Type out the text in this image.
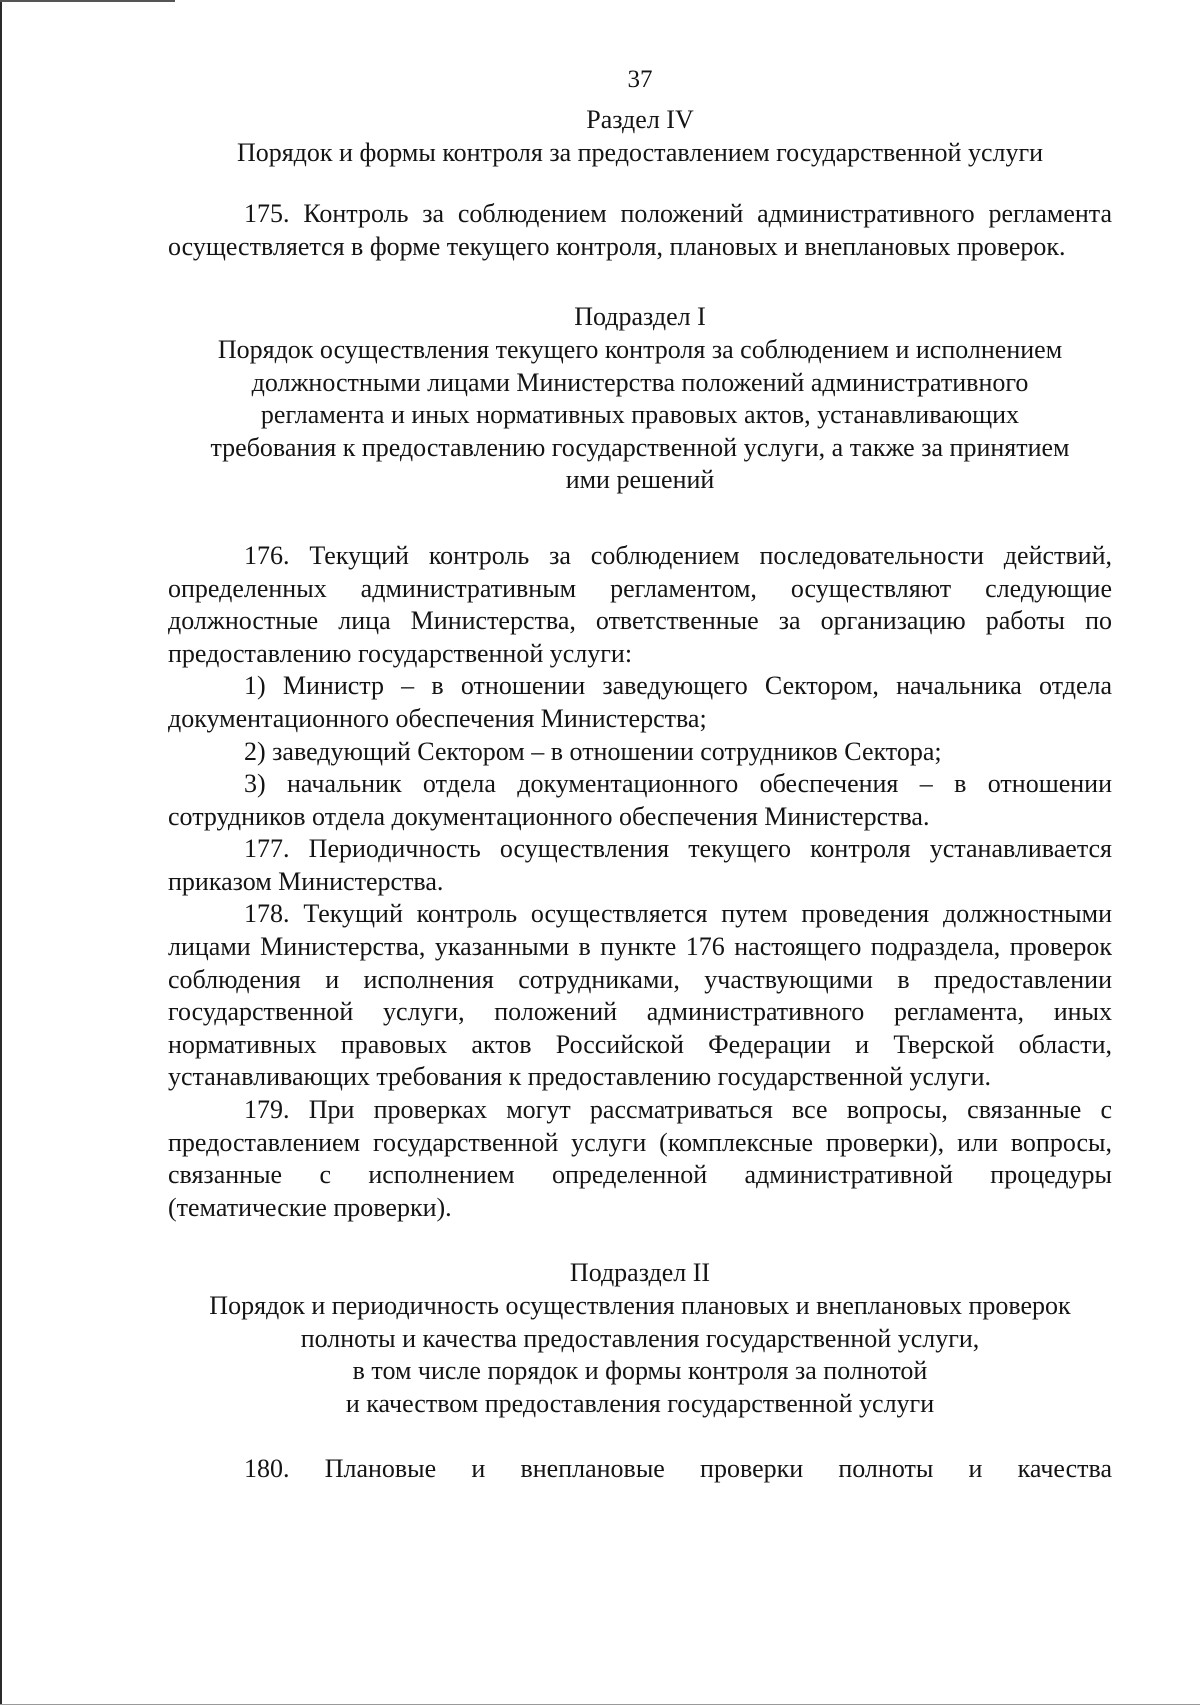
37
Раздел IV
Порядок и формы контроля за предоставлением государственной услуги

175. Контроль за соблюдением положений административного регламента осуществляется в форме текущего контроля, плановых и внеплановых проверок.

Подраздел I
Порядок осуществления текущего контроля за соблюдением и исполнением
должностными лицами Министерства положений административного
регламента и иных нормативных правовых актов, устанавливающих
требования к предоставлению государственной услуги, а также за принятием
ими решений

176. Текущий контроль за соблюдением последовательности действий, определенных административным регламентом, осуществляют следующие должностные лица Министерства, ответственные за организацию работы по предоставлению государственной услуги:

1) Министр – в отношении заведующего Сектором, начальника отдела документационного обеспечения Министерства;

2) заведующий Сектором – в отношении сотрудников Сектора;

3) начальник отдела документационного обеспечения – в отношении сотрудников отдела документационного обеспечения Министерства.

177. Периодичность осуществления текущего контроля устанавливается приказом Министерства.

178. Текущий контроль осуществляется путем проведения должностными лицами Министерства, указанными в пункте 176 настоящего подраздела, проверок соблюдения и исполнения сотрудниками, участвующими в предоставлении государственной услуги, положений административного регламента, иных нормативных правовых актов Российской Федерации и Тверской области, устанавливающих требования к предоставлению государственной услуги.

179. При проверках могут рассматриваться все вопросы, связанные с предоставлением государственной услуги (комплексные проверки), или вопросы, связанные с исполнением определенной административной процедуры (тематические проверки).

Подраздел II
Порядок и периодичность осуществления плановых и внеплановых проверок
полноты и качества предоставления государственной услуги,
в том числе порядок и формы контроля за полнотой
и качеством предоставления государственной услуги

180. Плановые и внеплановые проверки полноты и качества
